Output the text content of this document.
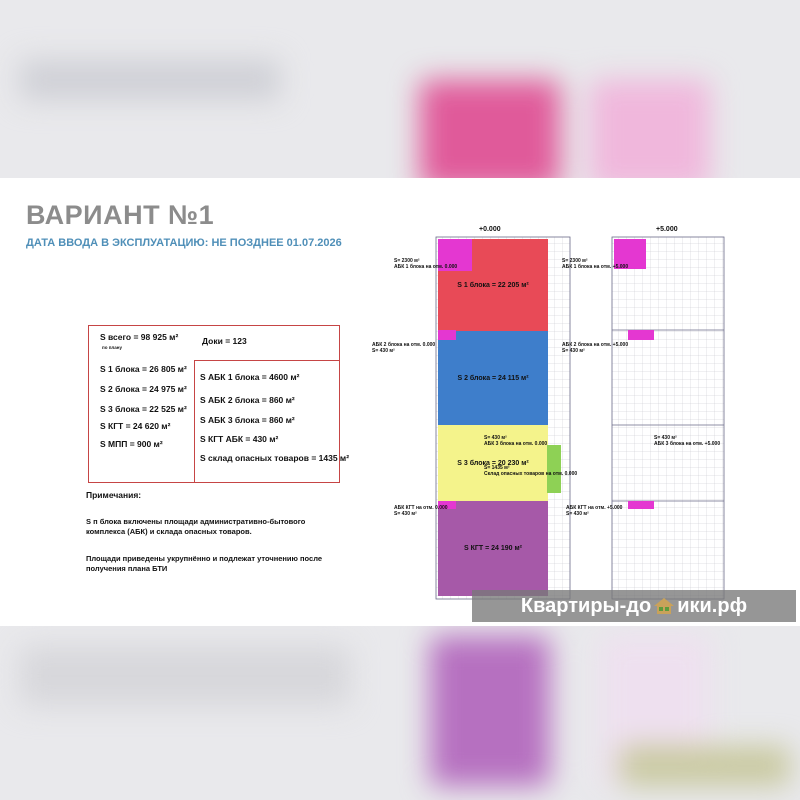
ВАРИАНТ №1
ДАТА ВВОДА В ЭКСПЛУАТАЦИЮ: НЕ ПОЗДНЕЕ 01.07.2026
S всего = 98 925 м²
по плану
Доки = 123
S 1 блока = 26 805 м²
S 2 блока = 24 975 м²
S 3 блока = 22 525 м²
S КГТ = 24 620 м²
S МПП = 900 м²
S АБК 1 блока = 4600 м²
S АБК 2 блока = 860 м²
S АБК 3 блока = 860 м²
S КГТ АБК = 430 м²
S склад опасных товаров = 1435 м²
Примечания:
S п блока включены площади административно-бытового комплекса (АБК) и склада опасных товаров.
Площади приведены укрупнённо и подлежат уточнению после получения плана БТИ
+0.000
S 1 блока = 22 205 м²
S 2 блока = 24 115 м²
S 3 блока = 20 230 м²
S КГТ = 24 190 м²
S= 2300 м²
АБК 1 блока на отм. 0.000
АБК 2 блока на отм. 0.000
S= 430 м²
S= 430 м²
АБК 3 блока на отм. 0.000
S= 1435 м²
Склад опасных товаров на отм. 0.000
АБК КГТ на отм. 0.000
S= 430 м²
+5.000
S= 2300 м²
АБК 1 блока на отм. +5.000
АБК 2 блока на отм. +5.000
S= 430 м²
S= 430 м²
АБК 3 блока на отм. +5.000
АБК КГТ на отм. +5.000
S= 430 м²
Квартиры-до ики.рф
